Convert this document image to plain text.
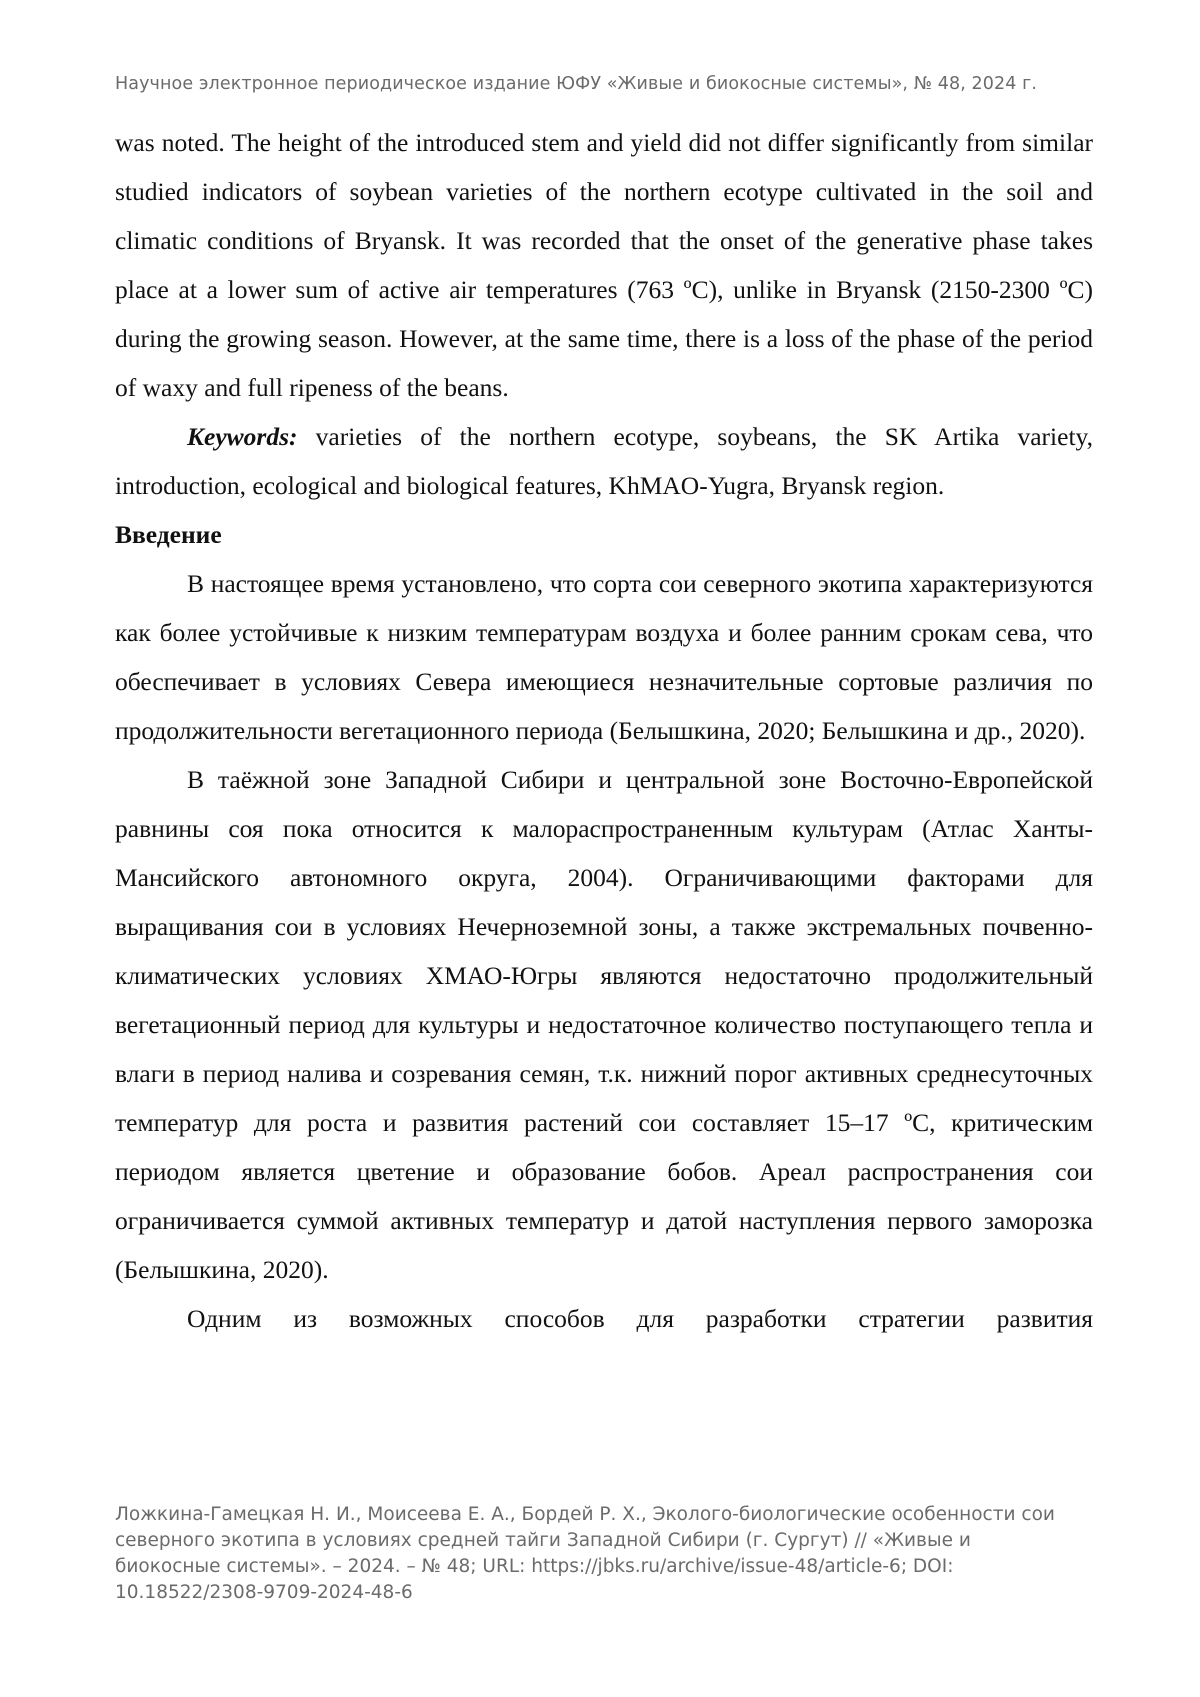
Научное электронное периодическое издание ЮФУ «Живые и биокосные системы», № 48, 2024 г.

was noted. The height of the introduced stem and yield did not differ significantly from similar studied indicators of soybean varieties of the northern ecotype cultivated in the soil and climatic conditions of Bryansk. It was recorded that the onset of the generative phase takes place at a lower sum of active air temperatures (763 ºC), unlike in Bryansk (2150-2300 ºC) during the growing season. However, at the same time, there is a loss of the phase of the period of waxy and full ripeness of the beans.

Keywords: varieties of the northern ecotype, soybeans, the SK Artika variety, introduction, ecological and biological features, KhMAO-Yugra, Bryansk region.

Введение

В настоящее время установлено, что сорта сои северного экотипа характеризуются как более устойчивые к низким температурам воздуха и более ранним срокам сева, что обеспечивает в условиях Севера имеющиеся незначительные сортовые различия по продолжительности вегетационного периода (Белышкина, 2020; Белышкина и др., 2020).

В таёжной зоне Западной Сибири и центральной зоне Восточно-Европейской равнины соя пока относится к малораспространенным культурам (Атлас Ханты-Мансийского автономного округа, 2004). Ограничивающими факторами для выращивания сои в условиях Нечерноземной зоны, а также экстремальных почвенно-климатических условиях ХМАО-Югры являются недостаточно продолжительный вегетационный период для культуры и недостаточное количество поступающего тепла и влаги в период налива и созревания семян, т.к. нижний порог активных среднесуточных температур для роста и развития растений сои составляет 15–17 ºС, критическим периодом является цветение и образование бобов. Ареал распространения сои ограничивается суммой активных температур и датой наступления первого заморозка (Белышкина, 2020).

Одним из возможных способов для разработки стратегии развития

Ложкина-Гамецкая Н. И., Моисеева Е. А., Бордей Р. Х., Эколого-биологические особенности сои северного экотипа в условиях средней тайги Западной Сибири (г. Сургут) // «Живые и биокосные системы». – 2024. – № 48; URL: https://jbks.ru/archive/issue-48/article-6; DOI: 10.18522/2308-9709-2024-48-6
